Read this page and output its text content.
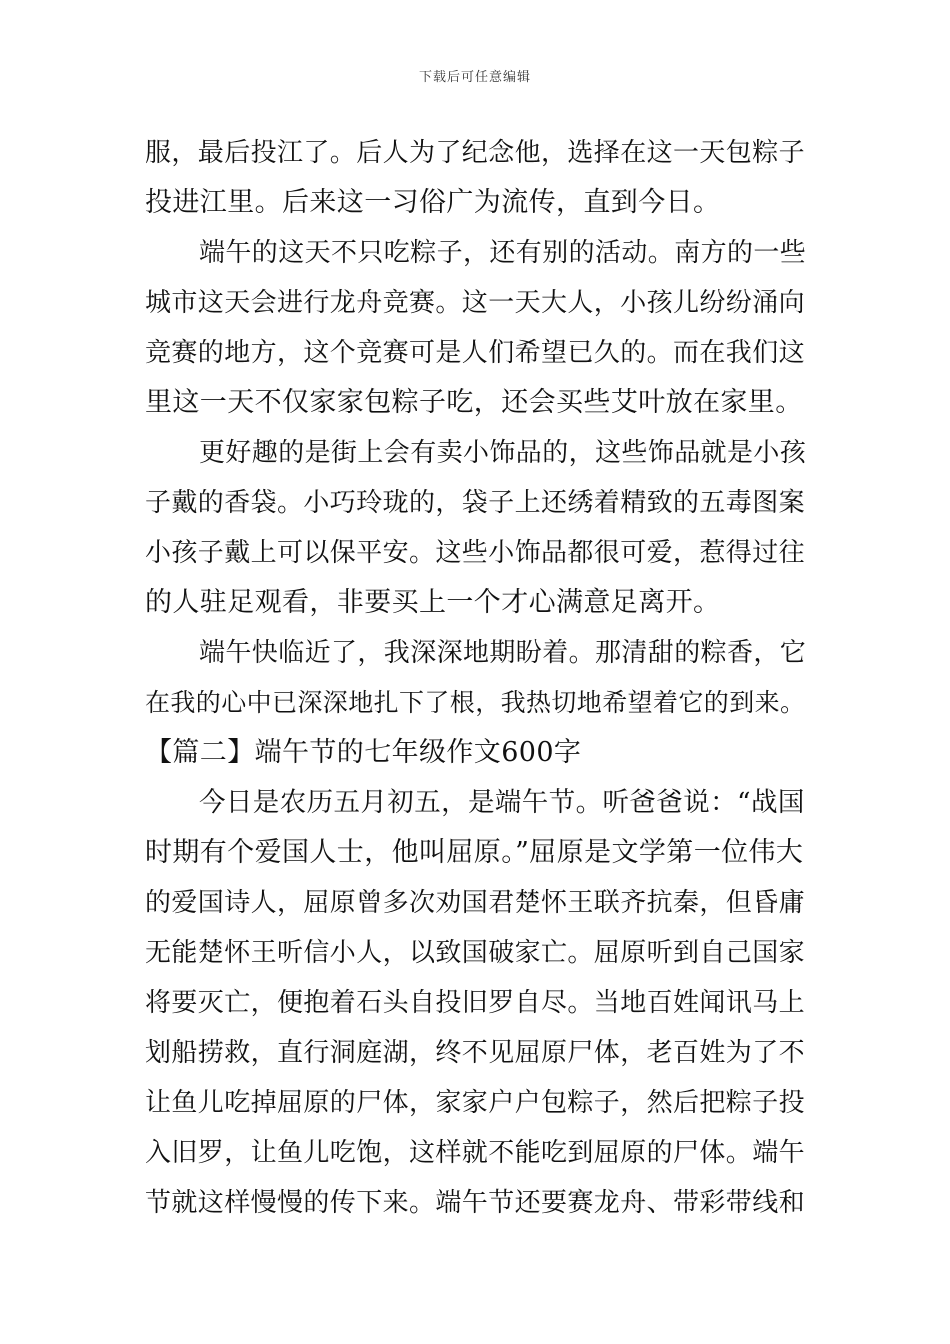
下载后可任意编辑
服，最后投江了。后人为了纪念他，选择在这一天包粽子
投进江里。后来这一习俗广为流传，直到今日。
端午的这天不只吃粽子，还有别的活动。南方的一些
城市这天会进行龙舟竞赛。这一天大人，小孩儿纷纷涌向
竞赛的地方，这个竞赛可是人们希望已久的。而在我们这
里这一天不仅家家包粽子吃，还会买些艾叶放在家里。
更好趣的是街上会有卖小饰品的，这些饰品就是小孩
子戴的香袋。小巧玲珑的，袋子上还绣着精致的五毒图案
小孩子戴上可以保平安。这些小饰品都很可爱，惹得过往
的人驻足观看，非要买上一个才心满意足离开。
端午快临近了，我深深地期盼着。那清甜的粽香，它
在我的心中已深深地扎下了根，我热切地希望着它的到来。
【篇二】端午节的七年级作文600字
今日是农历五月初五，是端午节。听爸爸说：“战国
时期有个爱国人士，他叫屈原。”屈原是文学第一位伟大
的爱国诗人，屈原曾多次劝国君楚怀王联齐抗秦，但昏庸
无能楚怀王听信小人，以致国破家亡。屈原听到自己国家
将要灭亡，便抱着石头自投旧罗自尽。当地百姓闻讯马上
划船捞救，直行洞庭湖，终不见屈原尸体，老百姓为了不
让鱼儿吃掉屈原的尸体，家家户户包粽子，然后把粽子投
入旧罗，让鱼儿吃饱，这样就不能吃到屈原的尸体。端午
节就这样慢慢的传下来。端午节还要赛龙舟、带彩带线和
